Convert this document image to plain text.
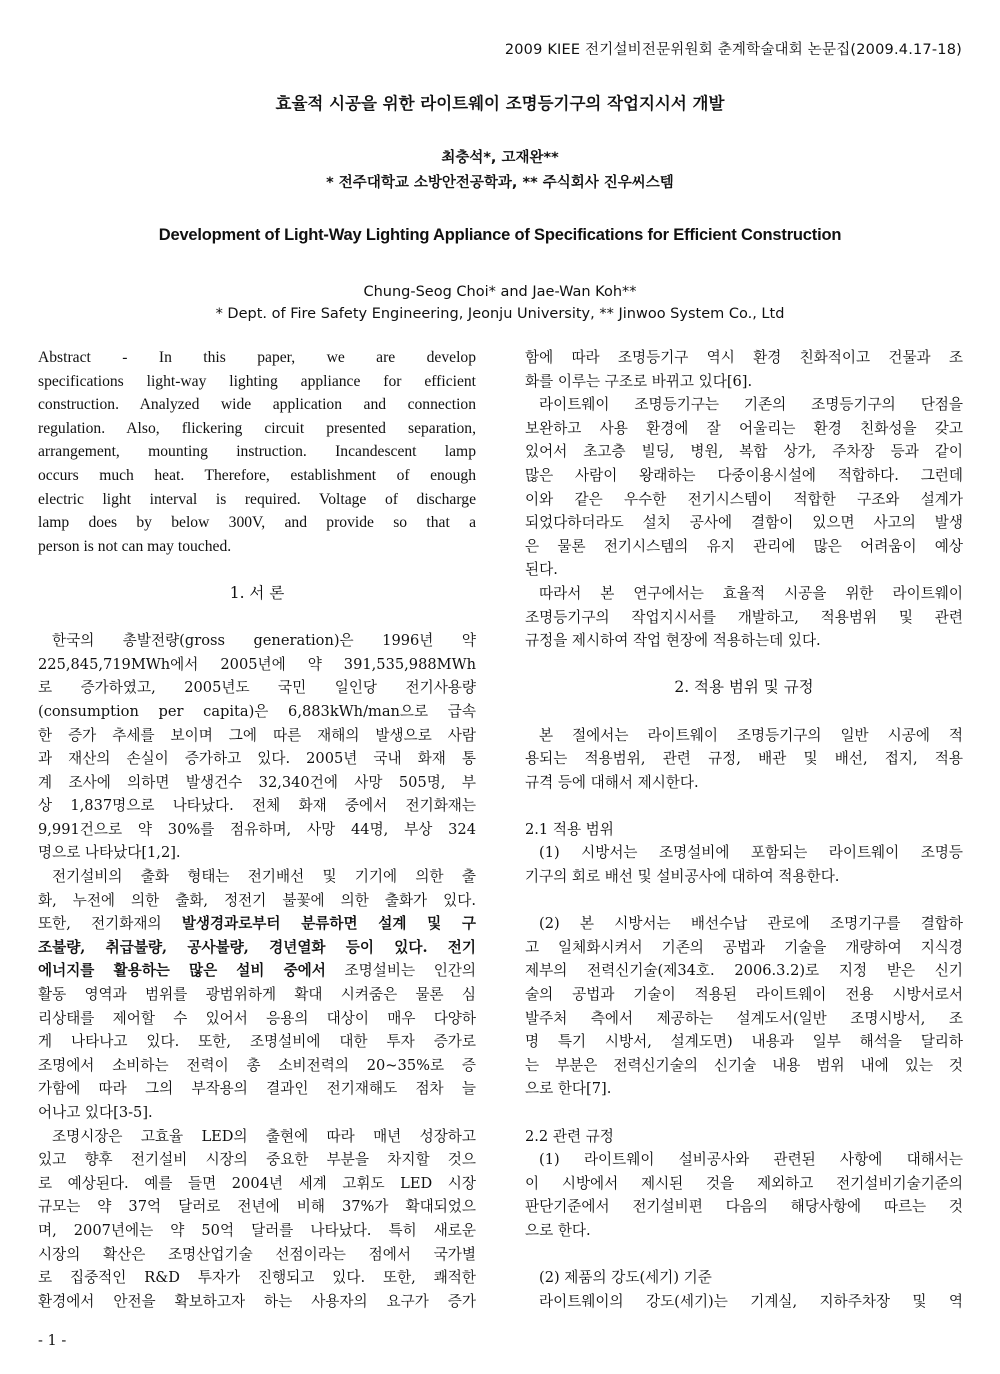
2009 KIEE 전기설비전문위원회 춘계학술대회 논문집(2009.4.17-18)
효율적 시공을 위한 라이트웨이 조명등기구의 작업지시서 개발
최충석*, 고재완**
* 전주대학교 소방안전공학과, ** 주식회사 진우씨스템
Development of Light-Way Lighting Appliance of Specifications for Efficient Construction
Chung-Seog Choi* and Jae-Wan Koh**
* Dept. of Fire Safety Engineering, Jeonju University, ** Jinwoo System Co., Ltd
Abstract - In this paper, we are develop
specifications light-way lighting appliance for efficient
construction. Analyzed wide application and connection
regulation. Also, flickering circuit presented separation,
arrangement, mounting instruction. Incandescent lamp
occurs much heat. Therefore, establishment of enough
electric light interval is required. Voltage of discharge
lamp does by below 300V, and provide so that a
person is not can may touched.
1. 서 론
한국의 총발전량(gross generation)은 1996년 약
225,845,719MWh에서 2005년에 약 391,535,988MWh
로 증가하였고, 2005년도 국민 일인당 전기사용량
(consumption per capita)은 6,883kWh/man으로 급속
한 증가 추세를 보이며 그에 따른 재해의 발생으로 사람
과 재산의 손실이 증가하고 있다. 2005년 국내 화재 통
계 조사에 의하면 발생건수 32,340건에 사망 505명, 부
상 1,837명으로 나타났다. 전체 화재 중에서 전기화재는
9,991건으로 약 30%를 점유하며, 사망 44명, 부상 324
명으로 나타났다[1,2].
전기설비의 출화 형태는 전기배선 및 기기에 의한 출
화, 누전에 의한 출화, 정전기 불꽃에 의한 출화가 있다.
또한, 전기화재의 발생경과로부터 분류하면 설계 및 구
조불량, 취급불량, 공사불량, 경년열화 등이 있다. 전기
에너지를 활용하는 많은 설비 중에서 조명설비는 인간의
활동 영역과 범위를 광범위하게 확대 시켜줌은 물론 심
리상태를 제어할 수 있어서 응용의 대상이 매우 다양하
게 나타나고 있다. 또한, 조명설비에 대한 투자 증가로
조명에서 소비하는 전력이 총 소비전력의 20~35%로 증
가함에 따라 그의 부작용의 결과인 전기재해도 점차 늘
어나고 있다[3-5].
조명시장은 고효율 LED의 출현에 따라 매년 성장하고
있고 향후 전기설비 시장의 중요한 부분을 차지할 것으
로 예상된다. 예를 들면 2004년 세계 고휘도 LED 시장
규모는 약 37억 달러로 전년에 비해 37%가 확대되었으
며, 2007년에는 약 50억 달러를 나타났다. 특히 새로운
시장의 확산은 조명산업기술 선점이라는 점에서 국가별
로 집중적인 R&D 투자가 진행되고 있다. 또한, 쾌적한
환경에서 안전을 확보하고자 하는 사용자의 요구가 증가
함에 따라 조명등기구 역시 환경 친화적이고 건물과 조
화를 이루는 구조로 바뀌고 있다[6].
라이트웨이 조명등기구는 기존의 조명등기구의 단점을
보완하고 사용 환경에 잘 어울리는 환경 친화성을 갖고
있어서 초고층 빌딩, 병원, 복합 상가, 주차장 등과 같이
많은 사람이 왕래하는 다중이용시설에 적합하다. 그런데
이와 같은 우수한 전기시스템이 적합한 구조와 설계가
되었다하더라도 설치 공사에 결함이 있으면 사고의 발생
은 물론 전기시스템의 유지 관리에 많은 어려움이 예상
된다.
따라서 본 연구에서는 효율적 시공을 위한 라이트웨이
조명등기구의 작업지시서를 개발하고, 적용범위 및 관련
규정을 제시하여 작업 현장에 적용하는데 있다.
2. 적용 범위 및 규정
본 절에서는 라이트웨이 조명등기구의 일반 시공에 적
용되는 적용범위, 관련 규정, 배관 및 배선, 접지, 적용
규격 등에 대해서 제시한다.
2.1 적용 범위
(1) 시방서는 조명설비에 포함되는 라이트웨이 조명등
기구의 회로 배선 및 설비공사에 대하여 적용한다.
(2) 본 시방서는 배선수납 관로에 조명기구를 결합하
고 일체화시켜서 기존의 공법과 기술을 개량하여 지식경
제부의 전력신기술(제34호. 2006.3.2)로 지정 받은 신기
술의 공법과 기술이 적용된 라이트웨이 전용 시방서로서
발주처 측에서 제공하는 설계도서(일반 조명시방서, 조
명 특기 시방서, 설계도면) 내용과 일부 해석을 달리하
는 부분은 전력신기술의 신기술 내용 범위 내에 있는 것
으로 한다[7].
2.2 관련 규정
(1) 라이트웨이 설비공사와 관련된 사항에 대해서는
이 시방에서 제시된 것을 제외하고 전기설비기술기준의
판단기준에서 전기설비편 다음의 해당사항에 따르는 것
으로 한다.
(2) 제품의 강도(세기) 기준
라이트웨이의 강도(세기)는 기계실, 지하주차장 및 역
- 1 -
